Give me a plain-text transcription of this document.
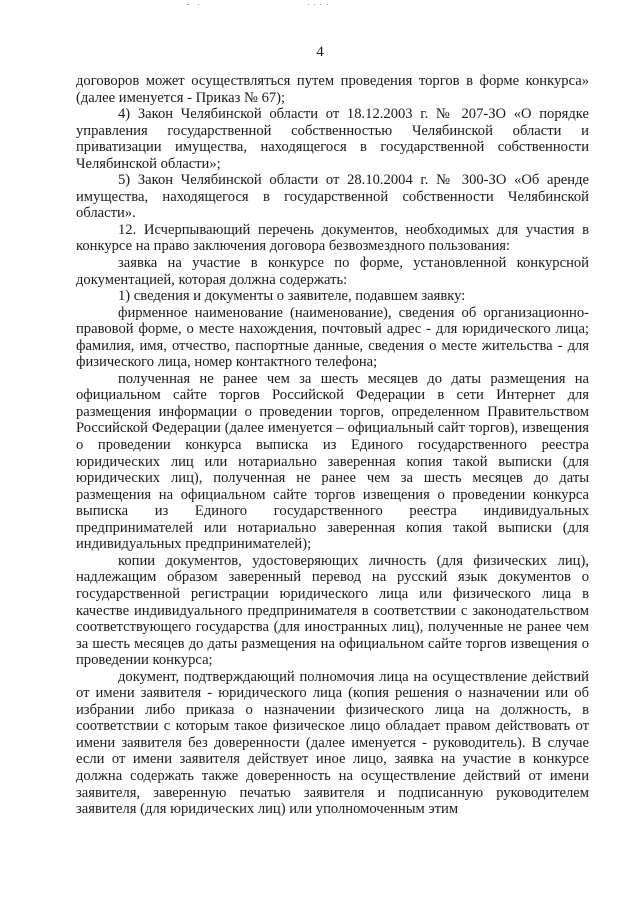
4

договоров может осуществляться путем проведения торгов в форме конкурса» (далее именуется - Приказ № 67);

4) Закон Челябинской области от 18.12.2003 г. № 207-ЗО «О порядке управления государственной собственностью Челябинской области и приватизации имущества, находящегося в государственной собственности Челябинской области»;

5) Закон Челябинской области от 28.10.2004 г. № 300-ЗО «Об аренде имущества, находящегося в государственной собственности Челябинской области».

12. Исчерпывающий перечень документов, необходимых для участия в конкурсе на право заключения договора безвозмездного пользования:

заявка на участие в конкурсе по форме, установленной конкурсной документацией, которая должна содержать:

1) сведения и документы о заявителе, подавшем заявку:

фирменное наименование (наименование), сведения об организационно-правовой форме, о месте нахождения, почтовый адрес - для юридического лица; фамилия, имя, отчество, паспортные данные, сведения о месте жительства - для физического лица, номер контактного телефона;

полученная не ранее чем за шесть месяцев до даты размещения на официальном сайте торгов Российской Федерации в сети Интернет для размещения информации о проведении торгов, определенном Правительством Российской Федерации (далее именуется – официальный сайт торгов), извещения о проведении конкурса выписка из Единого государственного реестра юридических лиц или нотариально заверенная копия такой выписки (для юридических лиц), полученная не ранее чем за шесть месяцев до даты размещения на официальном сайте торгов извещения о проведении конкурса выписка из Единого государственного реестра индивидуальных предпринимателей или нотариально заверенная копия такой выписки (для индивидуальных предпринимателей);

копии документов, удостоверяющих личность (для физических лиц), надлежащим образом заверенный перевод на русский язык документов о государственной регистрации юридического лица или физического лица в качестве индивидуального предпринимателя в соответствии с законодательством соответствующего государства (для иностранных лиц), полученные не ранее чем за шесть месяцев до даты размещения на официальном сайте торгов извещения о проведении конкурса;

документ, подтверждающий полномочия лица на осуществление действий от имени заявителя - юридического лица (копия решения о назначении или об избрании либо приказа о назначении физического лица на должность, в соответствии с которым такое физическое лицо обладает правом действовать от имени заявителя без доверенности (далее именуется - руководитель). В случае если от имени заявителя действует иное лицо, заявка на участие в конкурсе должна содержать также доверенность на осуществление действий от имени заявителя, заверенную печатью заявителя и подписанную руководителем заявителя (для юридических лиц) или уполномоченным этим
